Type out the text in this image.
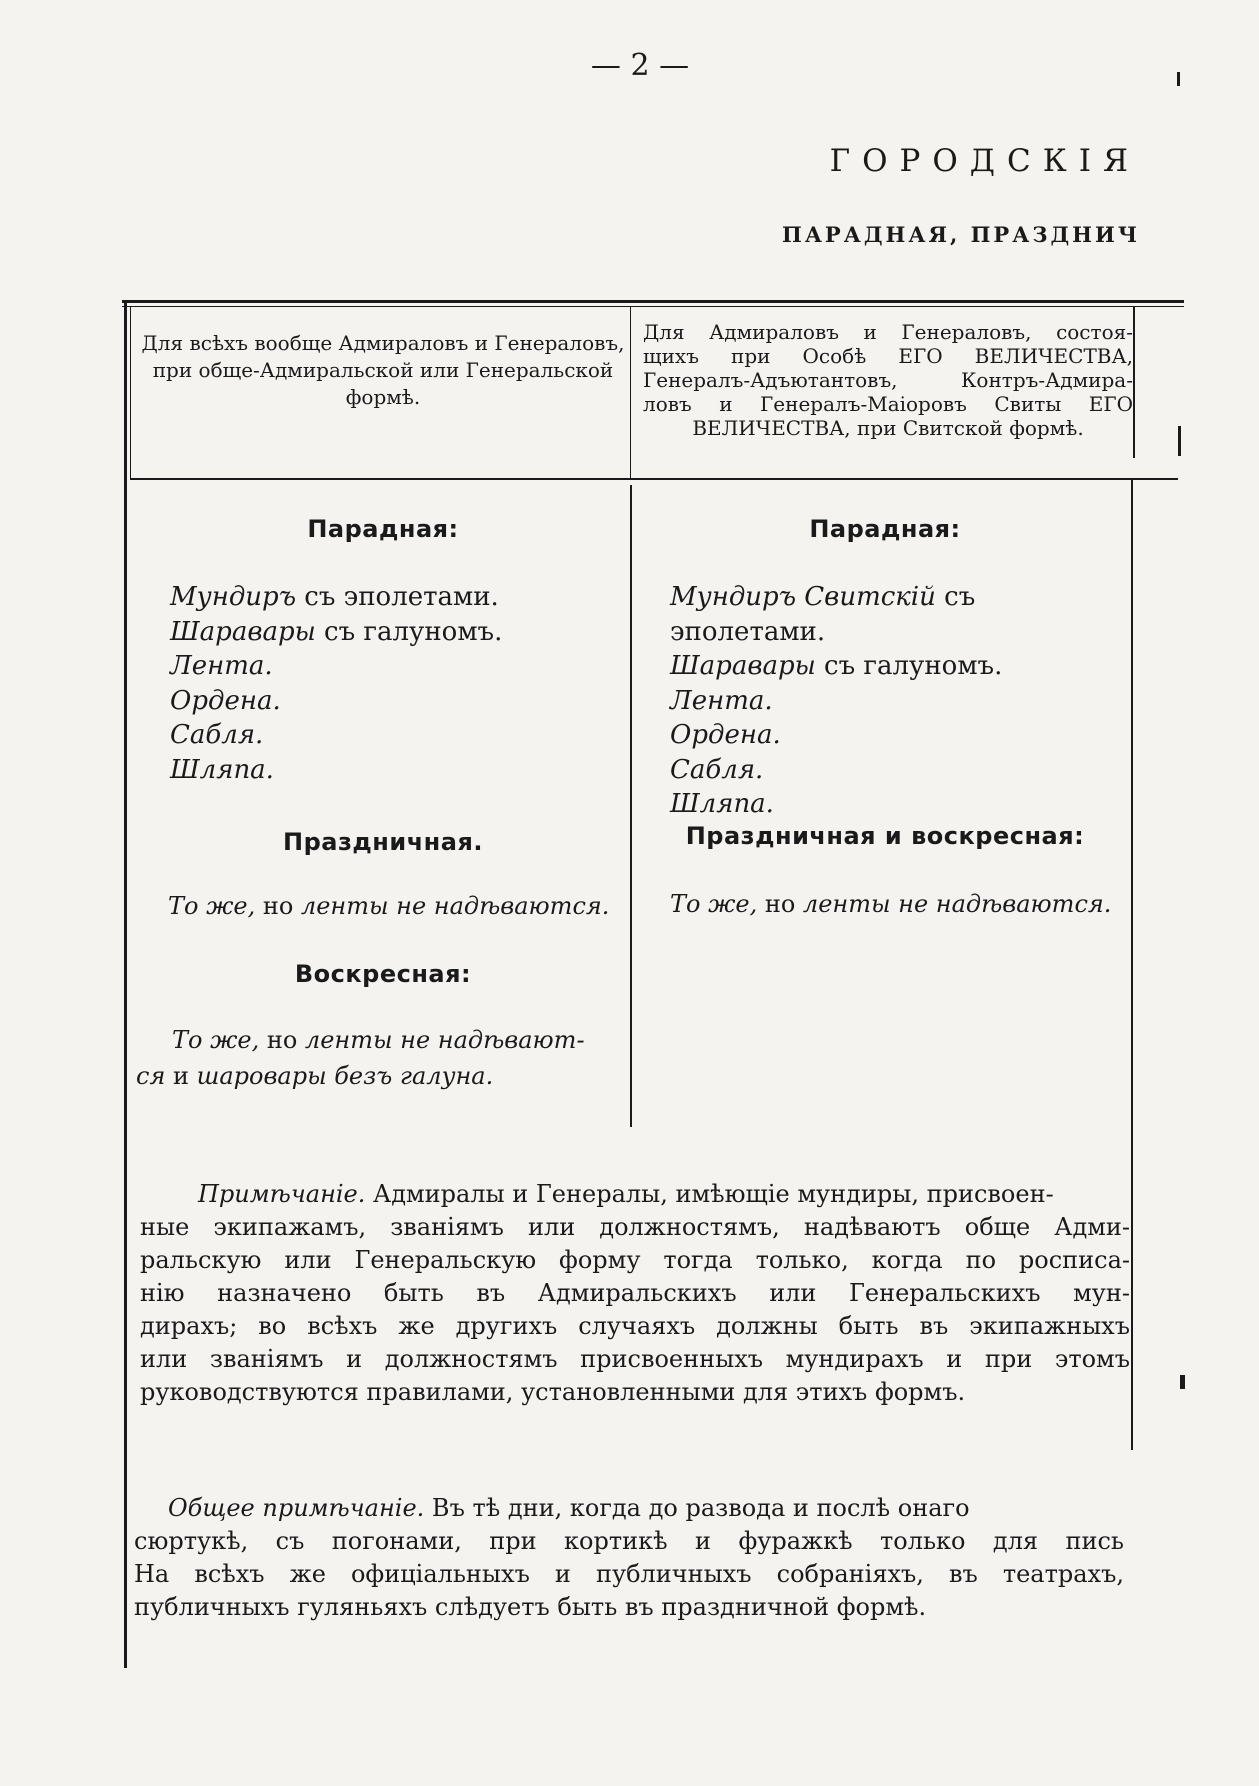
— 2 —
ГОРОДСКІЯ
ПАРАДНАЯ, ПРАЗДНИЧ
Для всѣхъ вообще Адмираловъ и Генераловъ, при обще-Адмиральской или Генеральской формѣ.
Для Адмираловъ и Генераловъ, состоя-
щихъ при Особѣ ЕГО ВЕЛИЧЕСТВА,
Генералъ-Адъютантовъ, Контръ-Адмира-
ловъ и Генералъ-Маіоровъ Свиты ЕГО
ВЕЛИЧЕСТВА, при Свитской формѣ.
Парадная:
Мундиръ съ эполетами.
Шаравары съ галуномъ.
Лента.
Ордена.
Сабля.
Шляпа.
Праздничная.
То же, но ленты не надѣваются.
Воскресная:
То же, но ленты не надѣвают-
ся и шаровары безъ галуна.
Парадная:
Мундиръ Свитскій съ эполетами.
Шаравары съ галуномъ.
Лента.
Ордена.
Сабля.
Шляпа.
Праздничная и воскресная:
То же, но ленты не надѣваются.

Примѣчаніе. Адмиралы и Генералы, имѣющіе мундиры, присвоен-

ные экипажамъ, званіямъ или должностямъ, надѣваютъ обще Адми-

ральскую или Генеральскую форму тогда только, когда по росписа-

нію назначено быть въ Адмиральскихъ или Генеральскихъ мун-

дирахъ; во всѣхъ же другихъ случаяхъ должны быть въ экипажныхъ

или званіямъ и должностямъ присвоенныхъ мундирахъ и при этомъ

руководствуются правилами, установленными для этихъ формъ.

Общее примѣчаніе. Въ тѣ дни, когда до развода и послѣ онаго

сюртукѣ, съ погонами, при кортикѣ и фуражкѣ только для пись

На всѣхъ же офиціальныхъ и публичныхъ собраніяхъ, въ театрахъ,

публичныхъ гуляньяхъ слѣдуетъ быть въ праздничной формѣ.
